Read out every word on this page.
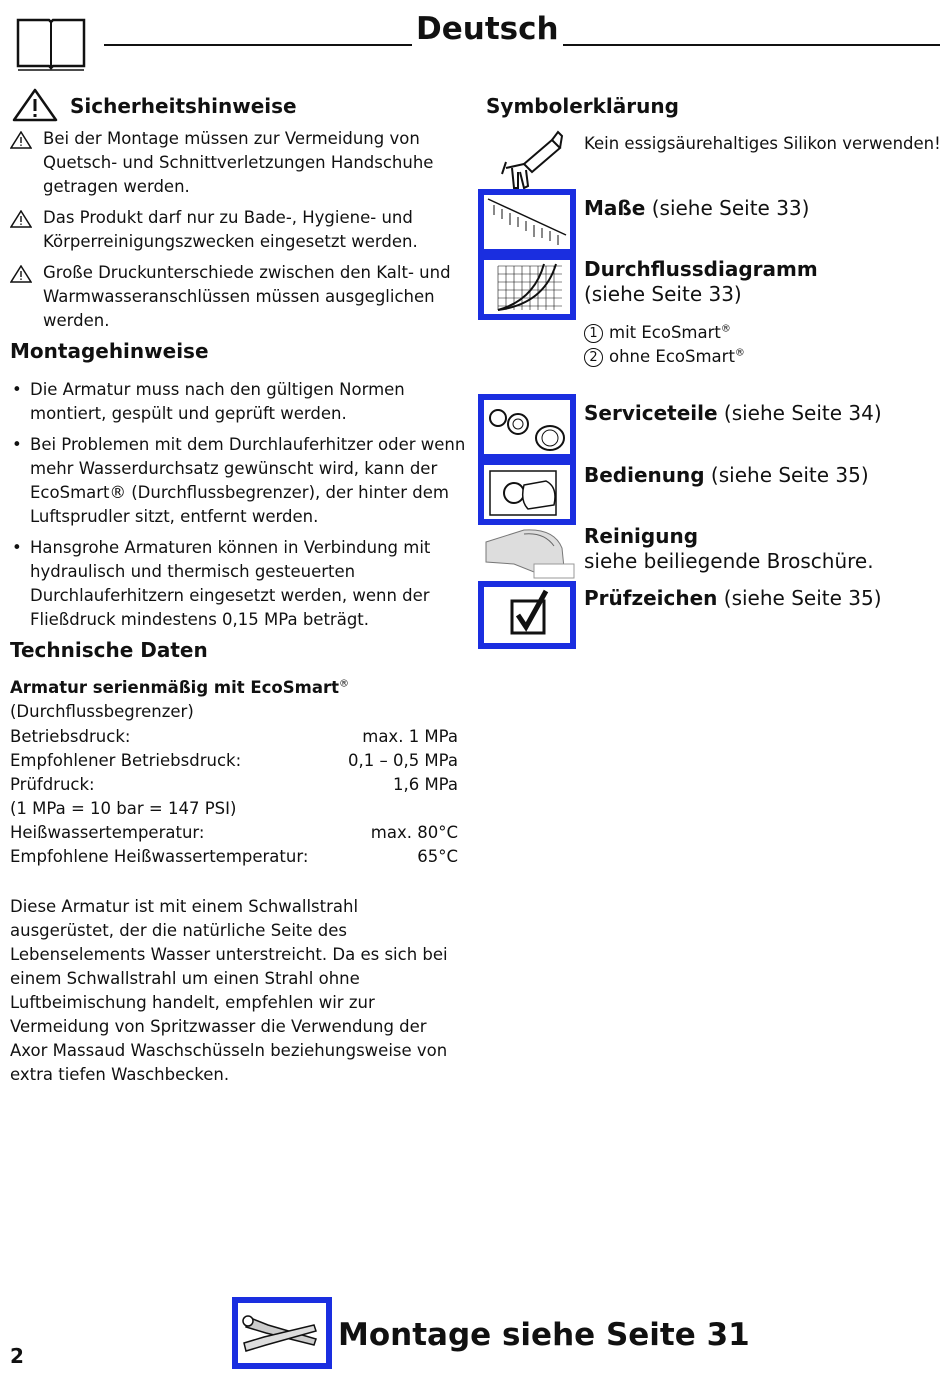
Deutsch
Sicherheitshinweise

Bei der Montage müssen zur Vermeidung von Quetsch- und Schnittverletzungen Handschuhe getragen werden.

Das Produkt darf nur zu Bade-, Hygiene- und Körperreinigungszwecken eingesetzt werden.

Große Druckunterschiede zwischen den Kalt- und Warmwasseranschlüssen müssen ausgeglichen werden.

Montagehinweise
• Die Armatur muss nach den gültigen Normen montiert, gespült und geprüft werden.

• Bei Problemen mit dem Durchlauferhitzer oder wenn mehr Wasserdurchsatz gewünscht wird, kann der EcoSmart® (Durchflussbegrenzer), der hinter dem Luftsprudler sitzt, entfernt werden.

• Hansgrohe Armaturen können in Verbindung mit hydraulisch und thermisch gesteuerten Durchlauferhitzern eingesetzt werden, wenn der Fließdruck mindestens 0,15 MPa beträgt.

Technische Daten
Armatur serienmäßig mit EcoSmart®
(Durchflussbegrenzer)
Betriebsdruck:	max. 1 MPa
Empfohlener Betriebsdruck:	0,1 – 0,5 MPa
Prüfdruck:	1,6 MPa
(1 MPa = 10 bar = 147 PSI)
Heißwassertemperatur:	max. 80°C
Empfohlene Heißwassertemperatur:	65°C

Diese Armatur ist mit einem Schwallstrahl ausgerüstet, der die natürliche Seite des Lebenselements Wasser unterstreicht. Da es sich bei einem Schwallstrahl um einen Strahl ohne Luftbeimischung handelt, empfehlen wir zur Vermeidung von Spritzwasser die Verwendung der Axor Massaud Waschschüsseln beziehungsweise von extra tiefen Waschbecken.

Symbolerklärung
Kein essigsäurehaltiges Silikon verwenden!
Maße (siehe Seite 33)
Durchflussdiagramm
(siehe Seite 33)
1 mit EcoSmart®
2 ohne EcoSmart®
Serviceteile (siehe Seite 34)
Bedienung (siehe Seite 35)
Reinigung
siehe beiliegende Broschüre.
Prüfzeichen (siehe Seite 35)
Montage siehe Seite 31
2
